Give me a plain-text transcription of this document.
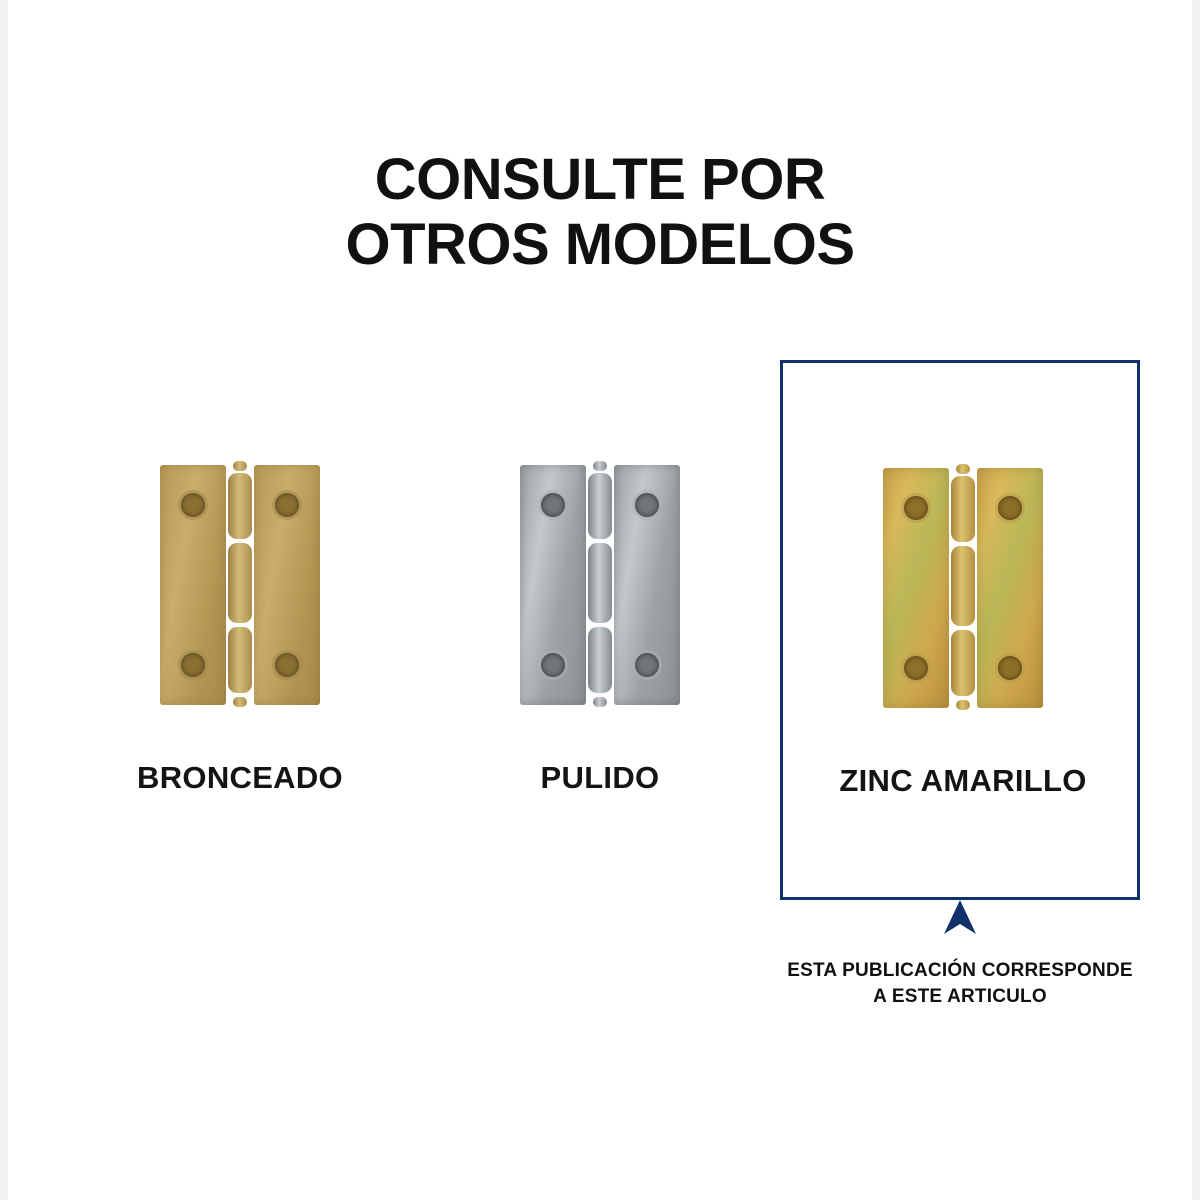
CONSULTE POR
OTROS MODELOS
BRONCEADO	PULIDO	ZINC AMARILLO
ESTA PUBLICACIÓN CORRESPONDE
A ESTE ARTICULO
